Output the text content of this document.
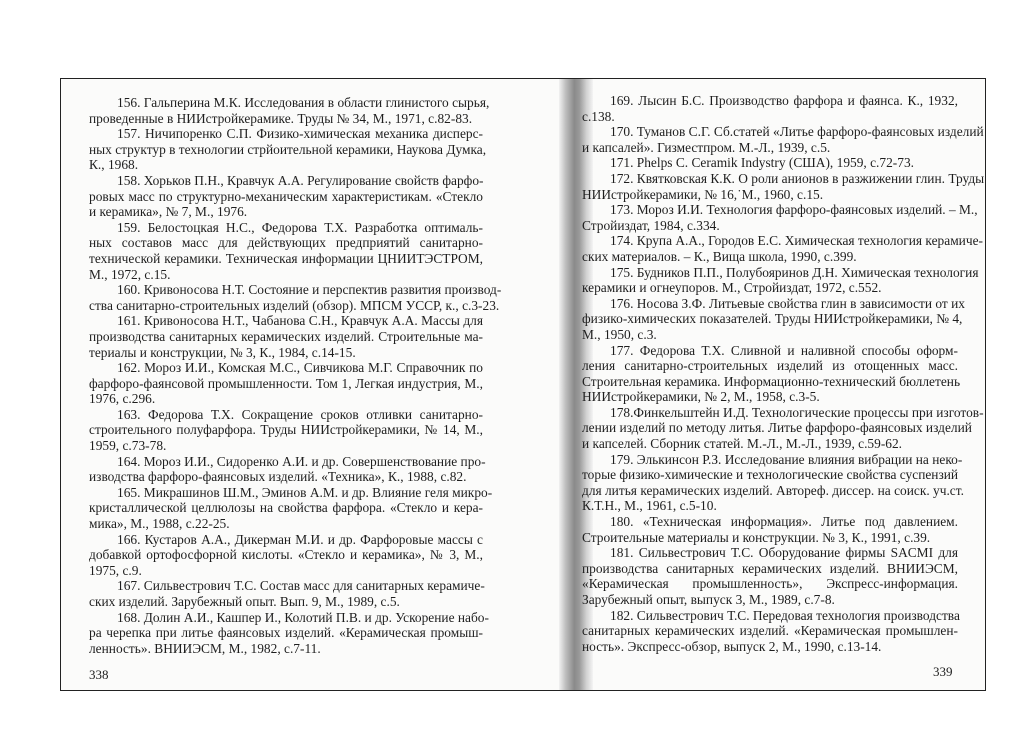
156. Гальперина М.К. Исследования в области глинистого сырья,
проведенные в НИИстройкерамике. Труды № 34, М., 1971, с.82-83.
157. Ничипоренко С.П. Физико-химическая механика дисперс-
ных структур в технологии стрйоительной керамики, Наукова Думка,
К., 1968.
158. Хорьков П.Н., Кравчук А.А. Регулирование свойств фарфо-
ровых масс по структурно-механическим характеристикам. «Стекло
и керамика», № 7, М., 1976.
159. Белостоцкая Н.С., Федорова Т.Х. Разработка оптималь-
ных составов масс для действующих предприятий санитарно-
технической керамики. Техническая информации ЦНИИТЭСТРОМ,
М., 1972, с.15.
160. Кривоносова Н.Т. Состояние и перспектив развития производ-
ства санитарно-строительных изделий (обзор). МПСМ УССР, к., с.3-23.
161. Кривоносова Н.Т., Чабанова С.Н., Кравчук А.А. Массы для
производства санитарных керамических изделий. Строительные ма-
териалы и конструкции, № 3, К., 1984, с.14-15.
162. Мороз И.И., Комская М.С., Сивчикова М.Г. Справочник по
фарфоро-фаянсовой промышленности. Том 1, Легкая индустрия, М.,
1976, с.296.
163. Федорова Т.Х. Сокращение сроков отливки санитарно-
строительного полуфарфора. Труды НИИстройкерамики, № 14, М.,
1959, с.73-78.
164. Мороз И.И., Сидоренко А.И. и др. Совершенствование про-
изводства фарфоро-фаянсовых изделий. «Техника», К., 1988, с.82.
165. Микрашинов Ш.М., Эминов А.М. и др. Влияние геля микро-
кристаллической целлюлозы на свойства фарфора. «Стекло и кера-
мика», М., 1988, с.22-25.
166. Кустаров А.А., Дикерман М.И. и др. Фарфоровые массы с
добавкой ортофосфорной кислоты. «Стекло и керамика», № 3, М.,
1975, с.9.
167. Сильвестрович Т.С. Состав масс для санитарных керамиче-
ских изделий. Зарубежный опыт. Вып. 9, М., 1989, с.5.
168. Долин А.И., Кашпер И., Колотий П.В. и др. Ускорение набо-
ра черепка при литье фаянсовых изделий. «Керамическая промыш-
ленность». ВНИИЭСМ, М., 1982, с.7-11.
169. Лысин Б.С. Производство фарфора и фаянса. К., 1932,
с.138.
170. Туманов С.Г. Сб.статей «Литье фарфоро-фаянсовых изделий
и капсалей». Гизместпром. М.-Л., 1939, с.5.
171. Phelps C. Ceramik Indystry (США), 1959, с.72-73.
172. Квятковская К.К. О роли анионов в разжижении глин. Труды
НИИстройкерамики, № 16,˙М., 1960, с.15.
173. Мороз И.И. Технология фарфоро-фаянсовых изделий. – М.,
Стройиздат, 1984, с.334.
174. Крупа А.А., Городов Е.С. Химическая технология керамиче-
ских материалов. – К., Вища школа, 1990, с.399.
175. Будников П.П., Полубояринов Д.Н. Химическая технология
керамики и огнеупоров. М., Стройиздат, 1972, с.552.
176. Носова З.Ф. Литьевые свойства глин в зависимости от их
физико-химических показателей. Труды НИИстройкерамики, № 4,
М., 1950, с.3.
177. Федорова Т.Х. Сливной и наливной способы оформ-
ления санитарно-строительных изделий из отощенных масс.
Строительная керамика. Информационно-технический бюллетень
НИИстройкерамики, № 2, М., 1958, с.3-5.
178.Финкельштейн И.Д. Технологические процессы при изготов-
лении изделий по методу литья. Литье фарфоро-фаянсовых изделий
и капселей. Сборник статей. М.-Л., М.-Л., 1939, с.59-62.
179. Элькинсон Р.З. Исследование влияния вибрации на неко-
торые физико-химические и технологические свойства суспензий
для литья керамических изделий. Автореф. диссер. на соиск. уч.ст.
К.Т.Н., М., 1961, с.5-10.
180. «Техническая информация». Литье под давлением.
Строительные материалы и конструкции. № 3, К., 1991, с.39.
181. Сильвестрович Т.С. Оборудование фирмы SACMI для
производства санитарных керамических изделий. ВНИИЭСМ,
«Керамическая промышленность», Экспресс-информация.
Зарубежный опыт, выпуск 3, М., 1989, с.7-8.
182. Сильвестрович Т.С. Передовая технология производства
санитарных керамических изделий. «Керамическая промышлен-
ность». Экспресс-обзор, выпуск 2, М., 1990, с.13-14.
338	339
